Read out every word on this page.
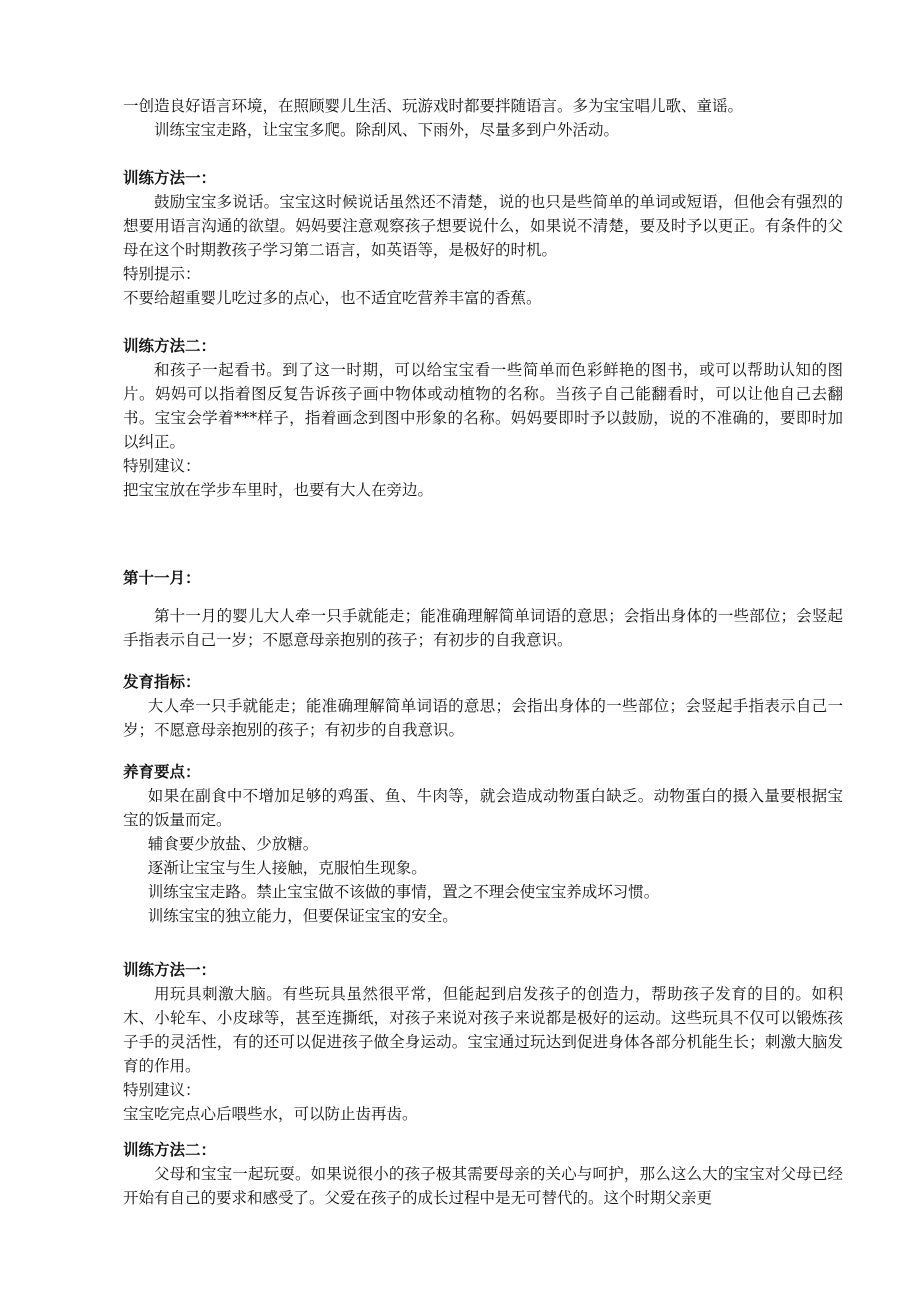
一创造良好语言环境，在照顾婴儿生活、玩游戏时都要拌随语言。多为宝宝唱儿歌、童谣。

训练宝宝走路，让宝宝多爬。除刮风、下雨外，尽量多到户外活动。

训练方法一：

鼓励宝宝多说话。宝宝这时候说话虽然还不清楚，说的也只是些简单的单词或短语，但他会有强烈的想要用语言沟通的欲望。妈妈要注意观察孩子想要说什么，如果说不清楚，要及时予以更正。有条件的父母在这个时期教孩子学习第二语言，如英语等，是极好的时机。

特别提示：

不要给超重婴儿吃过多的点心，也不适宜吃营养丰富的香蕉。

训练方法二：

和孩子一起看书。到了这一时期，可以给宝宝看一些简单而色彩鲜艳的图书，或可以帮助认知的图片。妈妈可以指着图反复告诉孩子画中物体或动植物的名称。当孩子自己能翻看时，可以让他自己去翻书。宝宝会学着***样子，指着画念到图中形象的名称。妈妈要即时予以鼓励，说的不准确的，要即时加以纠正。

特别建议：

把宝宝放在学步车里时，也要有大人在旁边。

第十一月：

第十一月的婴儿大人牵一只手就能走；能准确理解简单词语的意思；会指出身体的一些部位；会竖起手指表示自己一岁；不愿意母亲抱别的孩子；有初步的自我意识。

发育指标：

大人牵一只手就能走；能准确理解简单词语的意思；会指出身体的一些部位；会竖起手指表示自己一岁；不愿意母亲抱别的孩子；有初步的自我意识。

养育要点：

如果在副食中不增加足够的鸡蛋、鱼、牛肉等，就会造成动物蛋白缺乏。动物蛋白的摄入量要根据宝宝的饭量而定。

辅食要少放盐、少放糖。

逐渐让宝宝与生人接触，克服怕生现象。

训练宝宝走路。禁止宝宝做不该做的事情，置之不理会使宝宝养成坏习惯。

训练宝宝的独立能力，但要保证宝宝的安全。

训练方法一：

用玩具刺激大脑。有些玩具虽然很平常，但能起到启发孩子的创造力，帮助孩子发育的目的。如积木、小轮车、小皮球等，甚至连撕纸，对孩子来说对孩子来说都是极好的运动。这些玩具不仅可以锻炼孩子手的灵活性，有的还可以促进孩子做全身运动。宝宝通过玩达到促进身体各部分机能生长；刺激大脑发育的作用。

特别建议：

宝宝吃完点心后喂些水，可以防止齿再齿。

训练方法二：

父母和宝宝一起玩耍。如果说很小的孩子极其需要母亲的关心与呵护，那么这么大的宝宝对父母已经开始有自己的要求和感受了。父爱在孩子的成长过程中是无可替代的。这个时期父亲更
